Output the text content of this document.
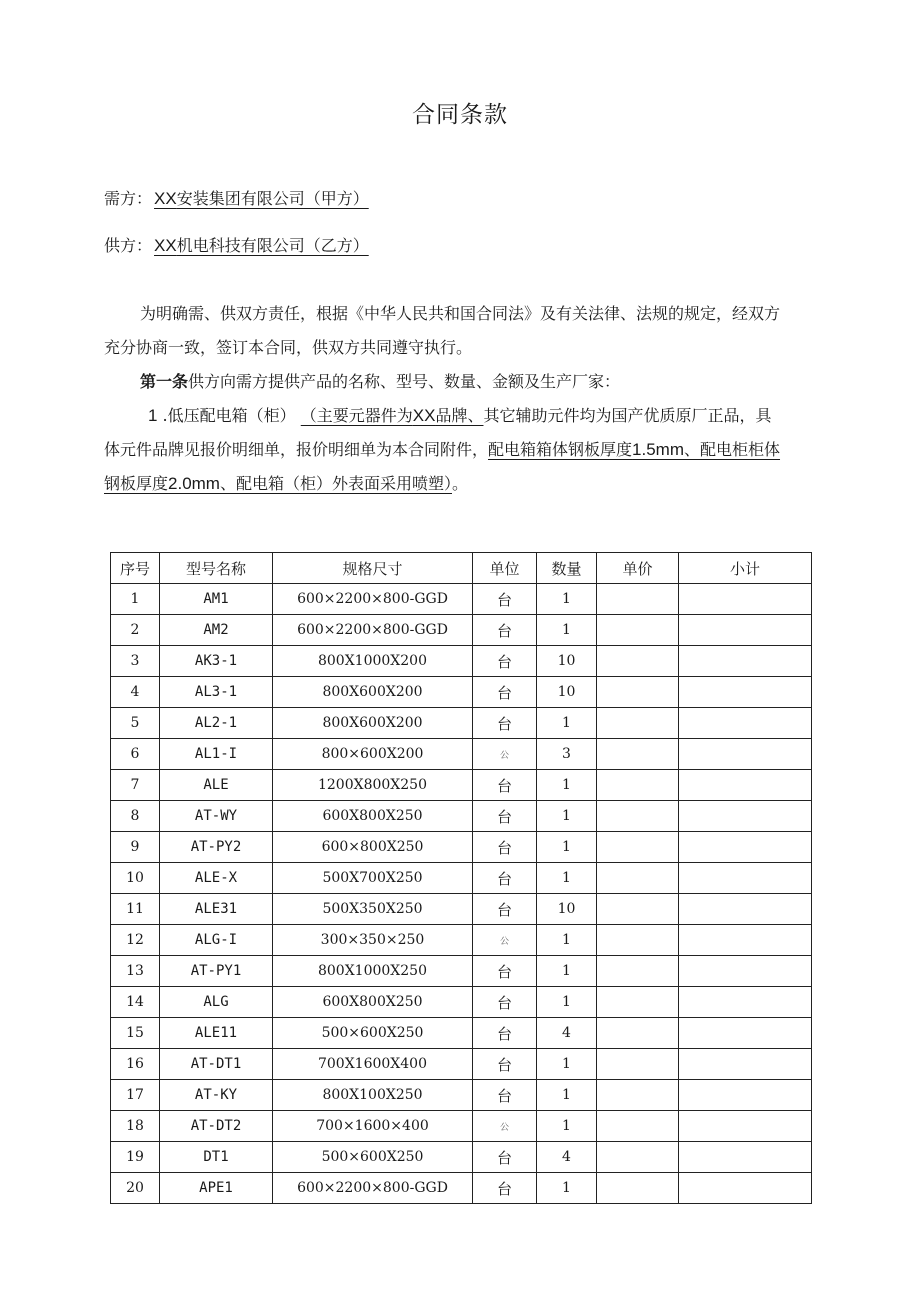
合同条款
需方： XX安装集团有限公司（甲方）
供方： XX机电科技有限公司（乙方）

为明确需、供双方责任，根据《中华人民共和国合同法》及有关法律、法规的规定，经双方

充分协商一致，签订本合同，供双方共同遵守执行。

第一条供方向需方提供产品的名称、型号、数量、金额及生产厂家：

1 .低压配电箱（柜） （主要元器件为XX品牌、其它辅助元件均为国产优质原厂正品，具

体元件品牌见报价明细单，报价明细单为本合同附件，配电箱箱体钢板厚度1.5mm、配电柜柜体

钢板厚度2.0mm、配电箱（柜）外表面采用喷塑）。

序号	型号名称	规格尺寸	单位	数量	单价	小计
1	AM1	600×2200×800-GGD	台	1		
2	AM2	600×2200×800-GGD	台	1		
3	AK3-1	800X1000X200	台	10		
4	AL3-1	800X600X200	台	10		
5	AL2-1	800X600X200	台	1		
6	AL1-I	800×600X200	公	3		
7	ALE	1200X800X250	台	1		
8	AT-WY	600X800X250	台	1		
9	AT-PY2	600×800X250	台	1		
10	ALE-X	500X700X250	台	1		
11	ALE31	500X350X250	台	10		
12	ALG-I	300×350×250	公	1		
13	AT-PY1	800X1000X250	台	1		
14	ALG	600X800X250	台	1		
15	ALE11	500×600X250	台	4		
16	AT-DT1	700X1600X400	台	1		
17	AT-KY	800X100X250	台	1		
18	AT-DT2	700×1600×400	公	1		
19	DT1	500×600X250	台	4		
20	APE1	600×2200×800-GGD	台	1		
